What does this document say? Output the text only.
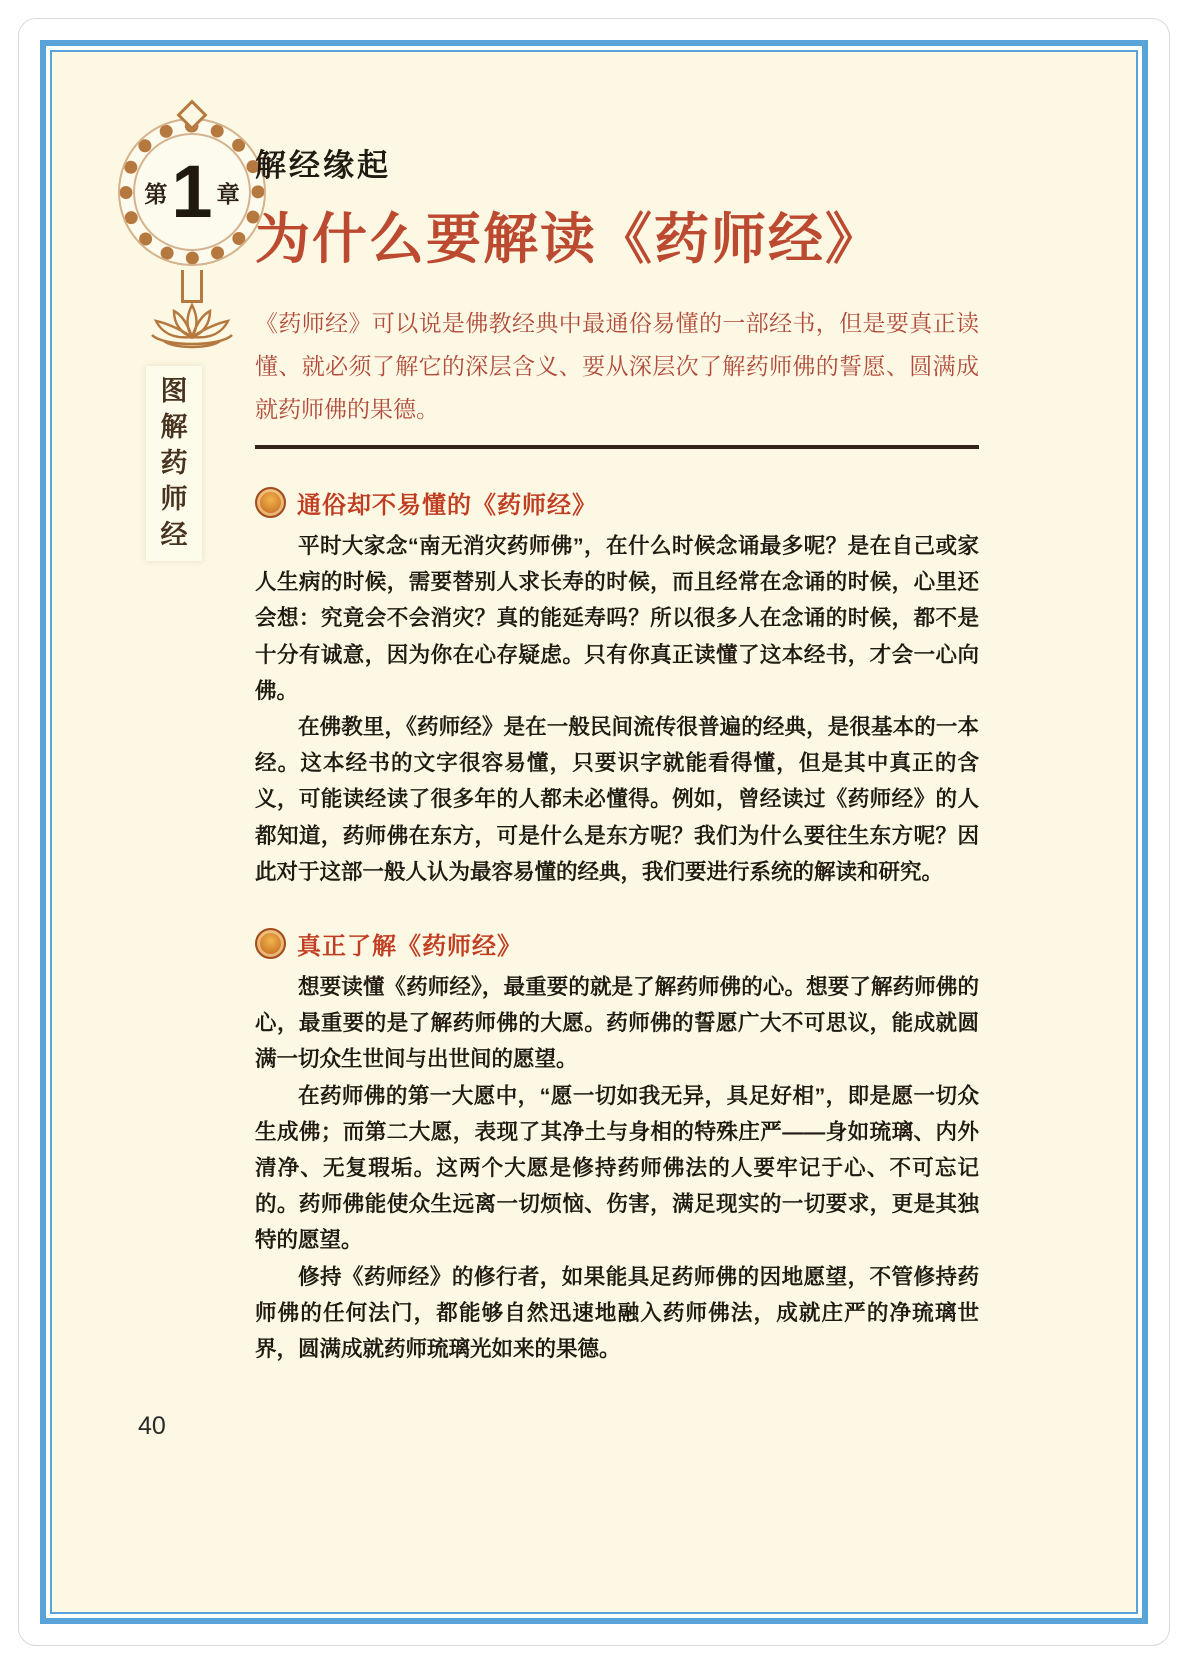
第 1 章
图
解
药
师
经
解经缘起
为什么要解读《药师经》
《药师经》可以说是佛教经典中最通俗易懂的一部经书，但是要真正读懂、就必须了解它的深层含义、要从深层次了解药师佛的誓愿、圆满成就药师佛的果德。
通俗却不易懂的《药师经》

平时大家念“南无消灾药师佛”，在什么时候念诵最多呢？是在自己或家人生病的时候，需要替别人求长寿的时候，而且经常在念诵的时候，心里还会想：究竟会不会消灾？真的能延寿吗？所以很多人在念诵的时候，都不是十分有诚意，因为你在心存疑虑。只有你真正读懂了这本经书，才会一心向佛。

在佛教里，《药师经》是在一般民间流传很普遍的经典，是很基本的一本经。这本经书的文字很容易懂，只要识字就能看得懂，但是其中真正的含义，可能读经读了很多年的人都未必懂得。例如，曾经读过《药师经》的人都知道，药师佛在东方，可是什么是东方呢？我们为什么要往生东方呢？因此对于这部一般人认为最容易懂的经典，我们要进行系统的解读和研究。

真正了解《药师经》

想要读懂《药师经》，最重要的就是了解药师佛的心。想要了解药师佛的心，最重要的是了解药师佛的大愿。药师佛的誓愿广大不可思议，能成就圆满一切众生世间与出世间的愿望。

在药师佛的第一大愿中，“愿一切如我无异，具足好相”，即是愿一切众生成佛；而第二大愿，表现了其净土与身相的特殊庄严——身如琉璃、内外清净、无复瑕垢。这两个大愿是修持药师佛法的人要牢记于心、不可忘记的。药师佛能使众生远离一切烦恼、伤害，满足现实的一切要求，更是其独特的愿望。

修持《药师经》的修行者，如果能具足药师佛的因地愿望，不管修持药师佛的任何法门，都能够自然迅速地融入药师佛法，成就庄严的净琉璃世界，圆满成就药师琉璃光如来的果德。

40
